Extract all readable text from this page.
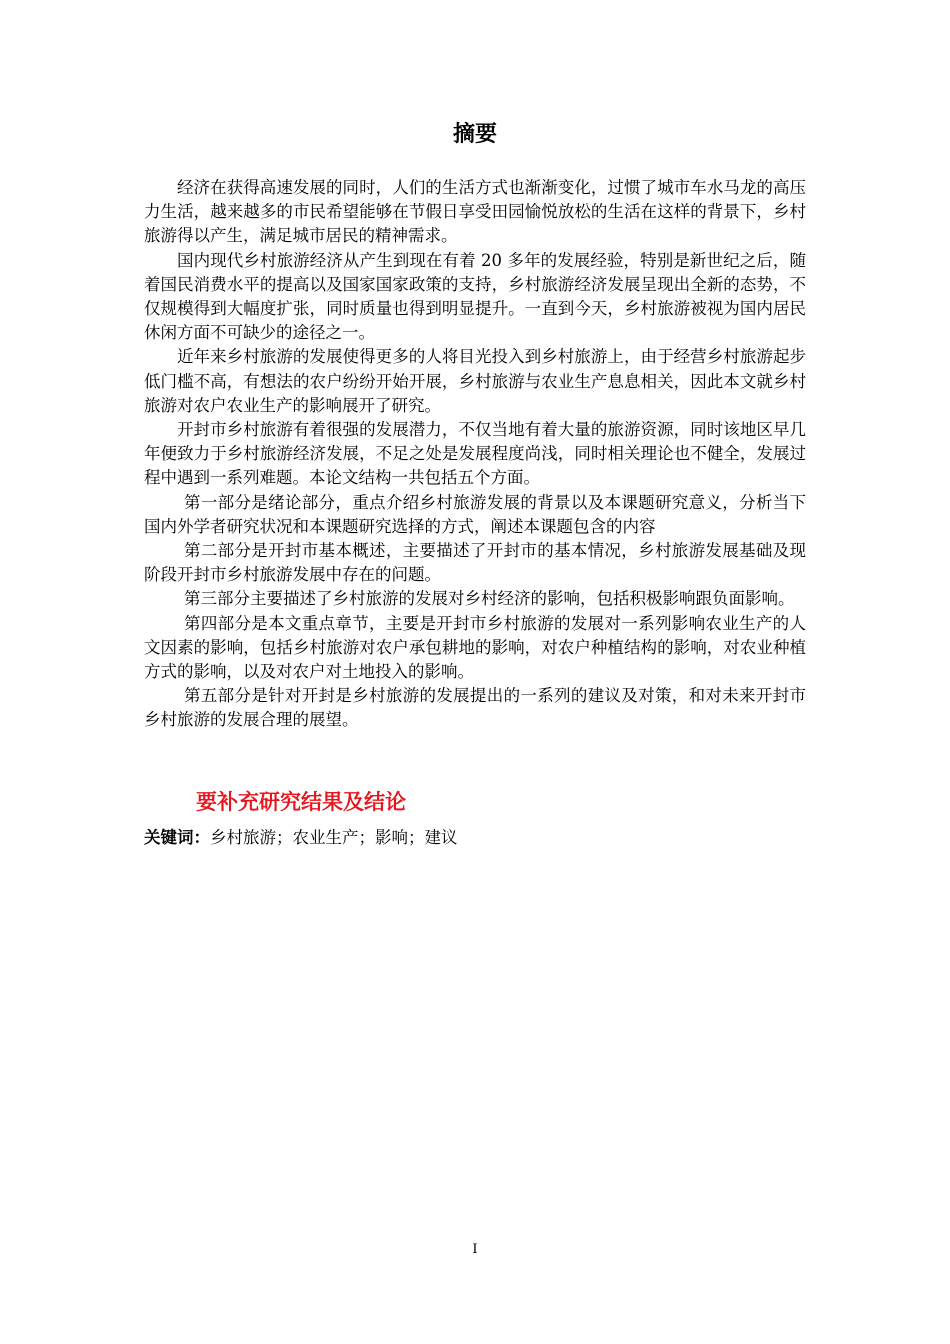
摘要

经济在获得高速发展的同时，人们的生活方式也渐渐变化，过惯了城市车水马龙的高压力生活，越来越多的市民希望能够在节假日享受田园愉悦放松的生活在这样的背景下，乡村旅游得以产生，满足城市居民的精神需求。

国内现代乡村旅游经济从产生到现在有着 20 多年的发展经验，特别是新世纪之后，随着国民消费水平的提高以及国家国家政策的支持，乡村旅游经济发展呈现出全新的态势，不仅规模得到大幅度扩张，同时质量也得到明显提升。一直到今天，乡村旅游被视为国内居民休闲方面不可缺少的途径之一。

近年来乡村旅游的发展使得更多的人将目光投入到乡村旅游上，由于经营乡村旅游起步低门槛不高，有想法的农户纷纷开始开展，乡村旅游与农业生产息息相关，因此本文就乡村旅游对农户农业生产的影响展开了研究。

开封市乡村旅游有着很强的发展潜力，不仅当地有着大量的旅游资源，同时该地区早几年便致力于乡村旅游经济发展，不足之处是发展程度尚浅，同时相关理论也不健全，发展过程中遇到一系列难题。本论文结构一共包括五个方面。

第一部分是绪论部分，重点介绍乡村旅游发展的背景以及本课题研究意义，分析当下国内外学者研究状况和本课题研究选择的方式，阐述本课题包含的内容

第二部分是开封市基本概述，主要描述了开封市的基本情况，乡村旅游发展基础及现阶段开封市乡村旅游发展中存在的问题。

第三部分主要描述了乡村旅游的发展对乡村经济的影响，包括积极影响跟负面影响。

第四部分是本文重点章节，主要是开封市乡村旅游的发展对一系列影响农业生产的人文因素的影响，包括乡村旅游对农户承包耕地的影响，对农户种植结构的影响，对农业种植方式的影响，以及对农户对土地投入的影响。

第五部分是针对开封是乡村旅游的发展提出的一系列的建议及对策，和对未来开封市乡村旅游的发展合理的展望。

要补充研究结果及结论
关键词：乡村旅游；农业生产；影响；建议
I
